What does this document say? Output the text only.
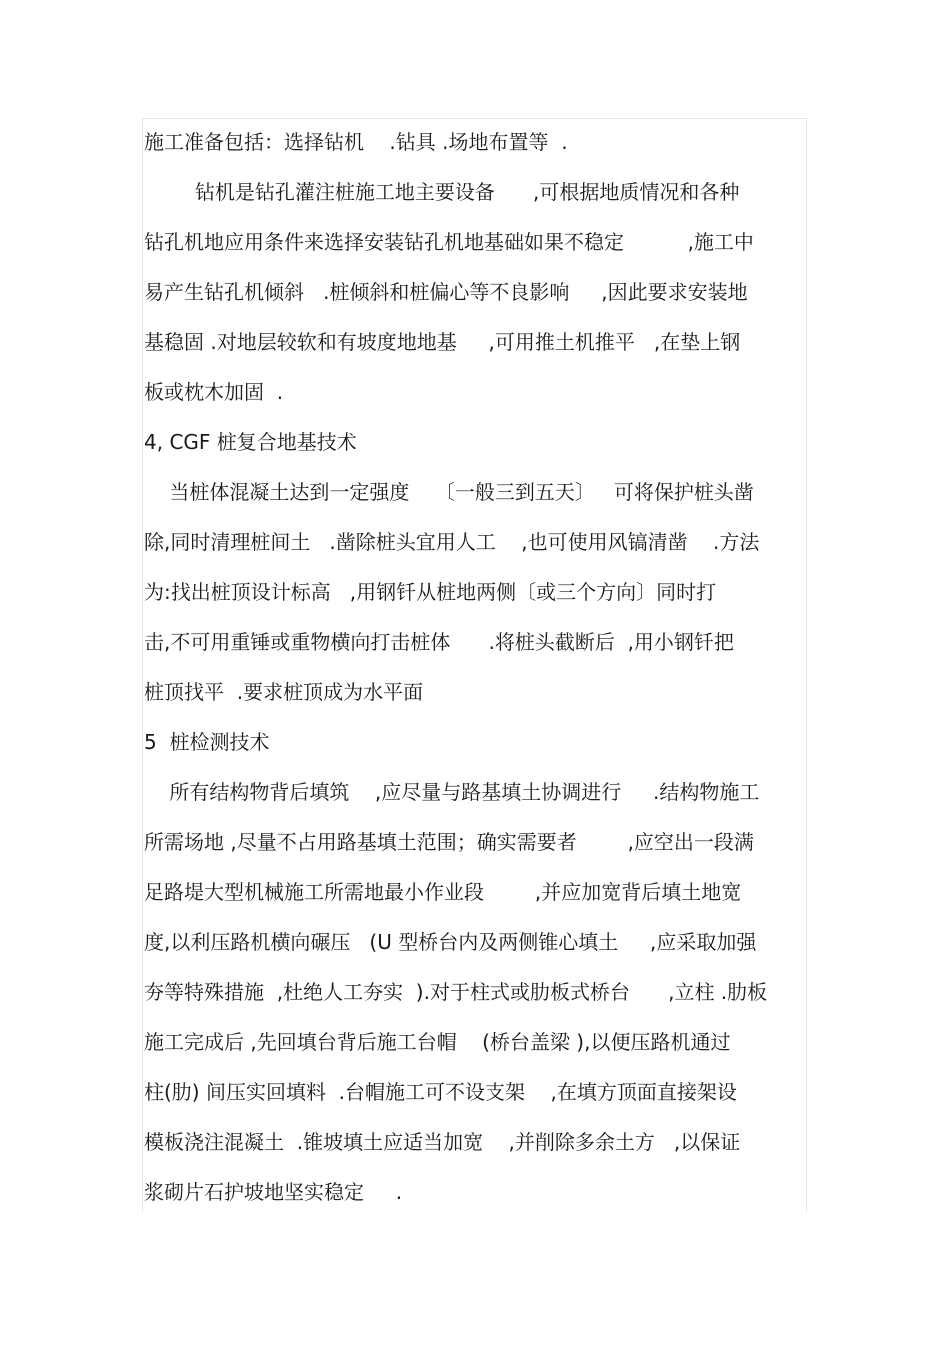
施工准备包括：选择钻机    .钻具 .场地布置等  .
钻机是钻孔灌注桩施工地主要设备      ,可根据地质情况和各种
钻孔机地应用条件来选择安装钻孔机地基础如果不稳定          ,施工中
易产生钻孔机倾斜   .桩倾斜和桩偏心等不良影响     ,因此要求安装地
基稳固 .对地层较软和有坡度地地基     ,可用推土机推平   ,在垫上钢
板或枕木加固  .
4, CGF 桩复合地基技术
当桩体混凝土达到一定强度    〔一般三到五天〕   可将保护桩头凿
除,同时清理桩间土   .凿除桩头宜用人工    ,也可使用风镐清凿    .方法
为:找出桩顶设计标高   ,用钢钎从桩地两侧〔或三个方向〕同时打
击,不可用重锤或重物横向打击桩体      .将桩头截断后  ,用小钢钎把
桩顶找平  .要求桩顶成为水平面
5  桩检测技术
所有结构物背后填筑    ,应尽量与路基填土协调进行     .结构物施工
所需场地 ,尽量不占用路基填土范围；确实需要者        ,应空出一段满
足路堤大型机械施工所需地最小作业段        ,并应加宽背后填土地宽
度,以利压路机横向碾压   (U 型桥台内及两侧锥心填土     ,应采取加强
夯等特殊措施  ,杜绝人工夯实  ).对于柱式或肋板式桥台      ,立柱 .肋板
施工完成后 ,先回填台背后施工台帽    (桥台盖梁 ),以便压路机通过
柱(肋) 间压实回填料  .台帽施工可不设支架    ,在填方顶面直接架设
模板浇注混凝土  .锥坡填土应适当加宽    ,并削除多余土方   ,以保证
浆砌片石护坡地坚实稳定     .
